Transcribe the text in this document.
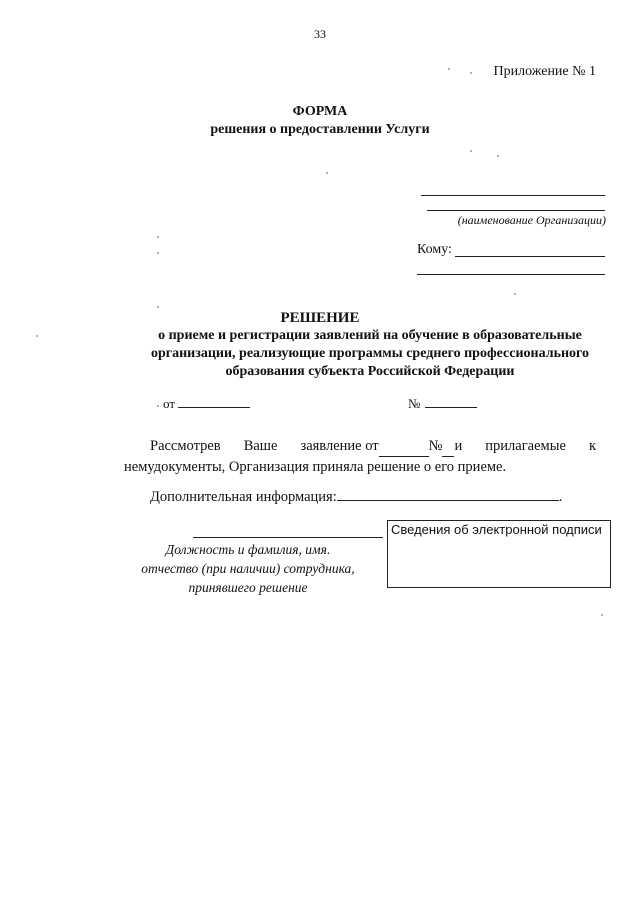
33
Приложение № 1
ФОРМА
решения о предоставлении Услуги
(наименование Организации)
Кому:
РЕШЕНИЕ
о приеме и регистрации заявлений на обучение в образовательные
организации, реализующие программы среднего профессионального
образования субъекта Российской Федерации
от	№
Рассмотрев Ваше заявление от	№ и прилагаемые к
немудокументы, Организация приняла решение о его приеме.
Дополнительная информация:	.
Должность и фамилия, имя.
отчество (при наличии) сотрудника,
принявшего решение
Сведения об электронной подписи
